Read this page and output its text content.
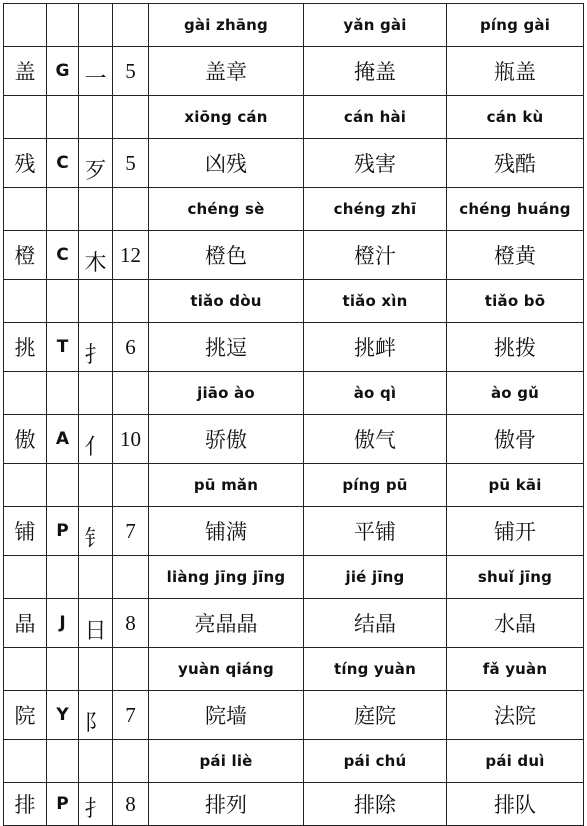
				gài zhāng	yǎn gài	píng gài
盖	G	一	5	盖章	掩盖	瓶盖
				xiōng cán	cán hài	cán kù
残	C	歹	5	凶残	残害	残酷
				chéng sè	chéng zhī	chéng huáng
橙	C	木	12	橙色	橙汁	橙黄
				tiǎo dòu	tiǎo xìn	tiǎo bō
挑	T	扌	6	挑逗	挑衅	挑拨
				jiāo ào	ào qì	ào gǔ
傲	A	亻	10	骄傲	傲气	傲骨
				pū mǎn	píng pū	pū kāi
铺	P	钅	7	铺满	平铺	铺开
				liàng jīng jīng	jié jīng	shuǐ jīng
晶	J	日	8	亮晶晶	结晶	水晶
				yuàn qiáng	tíng yuàn	fǎ yuàn
院	Y	阝	7	院墙	庭院	法院
				pái liè	pái chú	pái duì
排	P	扌	8	排列	排除	排队
